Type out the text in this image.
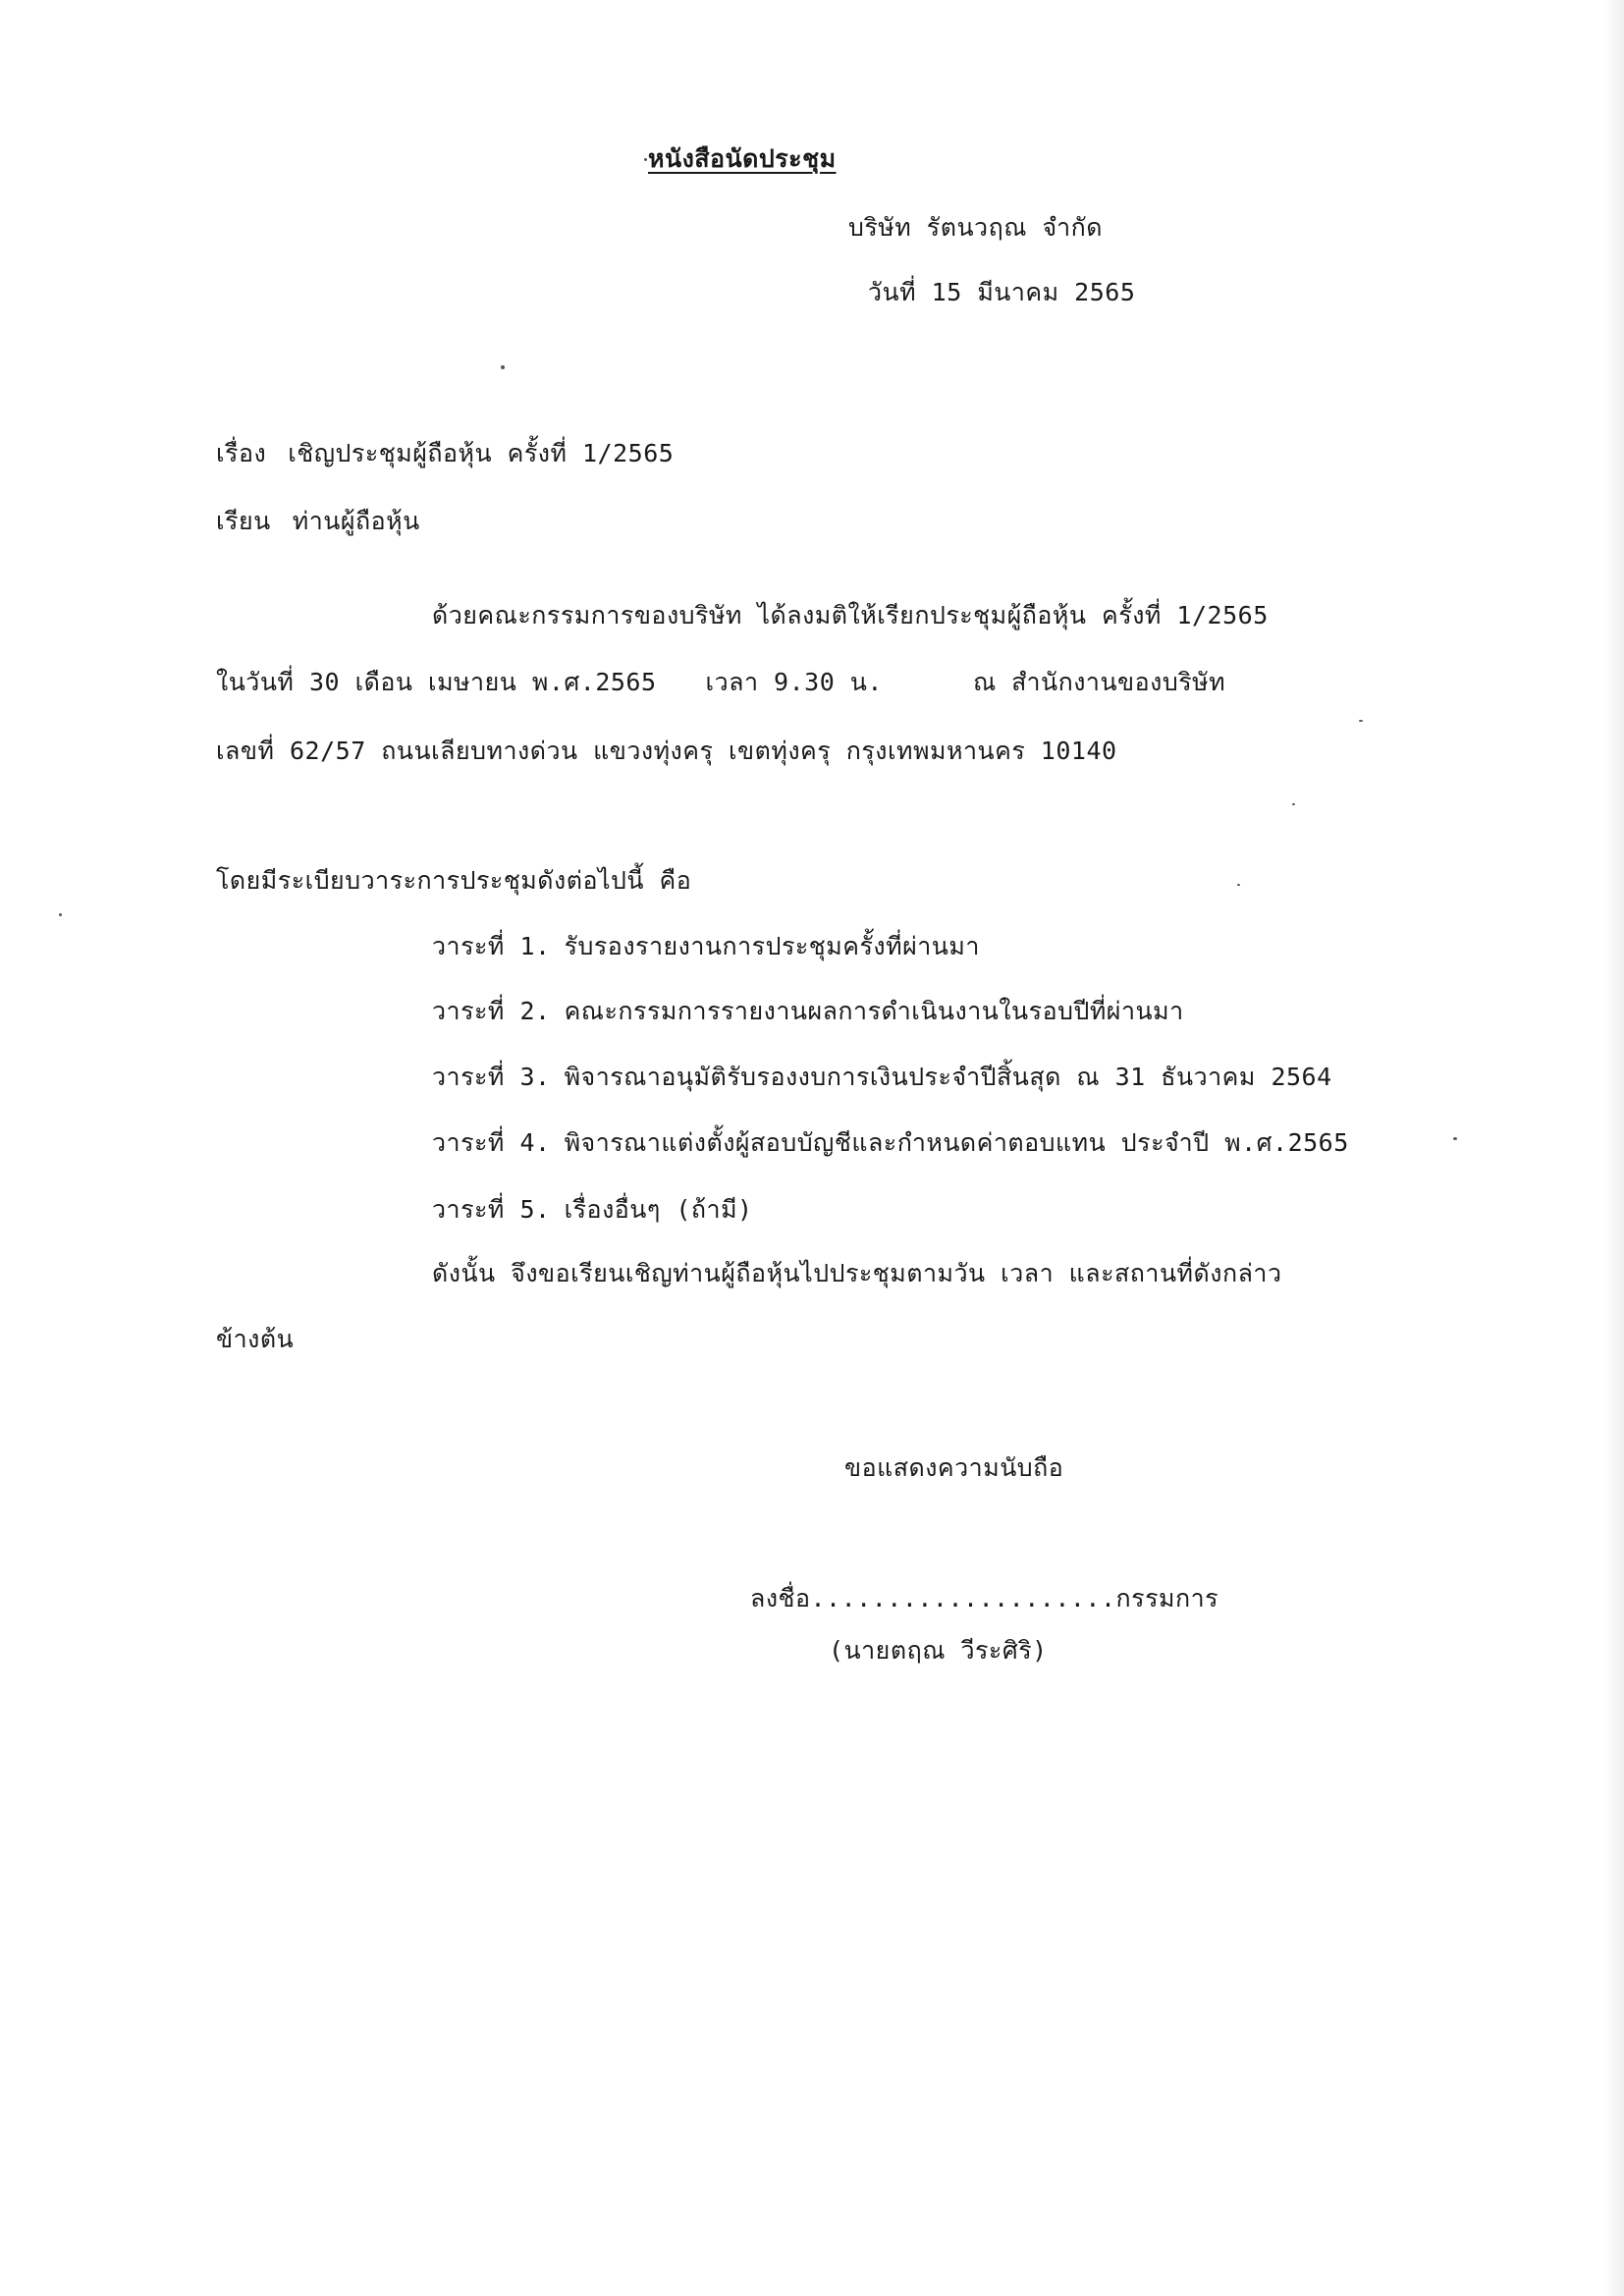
หนังสือนัดประชุม
บริษัท รัตนวฤณ จำกัด
วันที่ 15 มีนาคม 2565
เรื่อง เชิญประชุมผู้ถือหุ้น ครั้งที่ 1/2565
เรียน ท่านผู้ถือหุ้น
ด้วยคณะกรรมการของบริษัท ได้ลงมติให้เรียกประชุมผู้ถือหุ้น ครั้งที่ 1/2565
ในวันที่ 30 เดือน เมษายน พ.ศ.2565 เวลา 9.30 น.	ณ สำนักงานของบริษัท
เลขที่ 62/57 ถนนเลียบทางด่วน แขวงทุ่งครุ เขตทุ่งครุ กรุงเทพมหานคร 10140
โดยมีระเบียบวาระการประชุมดังต่อไปนี้ คือ
วาระที่ 1. รับรองรายงานการประชุมครั้งที่ผ่านมา
วาระที่ 2. คณะกรรมการรายงานผลการดำเนินงานในรอบปีที่ผ่านมา
วาระที่ 3. พิจารณาอนุมัติรับรองงบการเงินประจำปีสิ้นสุด ณ 31 ธันวาคม 2564
วาระที่ 4. พิจารณาแต่งตั้งผู้สอบบัญชีและกำหนดค่าตอบแทน ประจำปี พ.ศ.2565
วาระที่ 5. เรื่องอื่นๆ (ถ้ามี)
ดังนั้น จึงขอเรียนเชิญท่านผู้ถือหุ้นไปประชุมตามวัน เวลา และสถานที่ดังกล่าว
ข้างต้น
ขอแสดงความนับถือ
ลงชื่อ....................กรรมการ
(นายตฤณ วีระศิริ)
